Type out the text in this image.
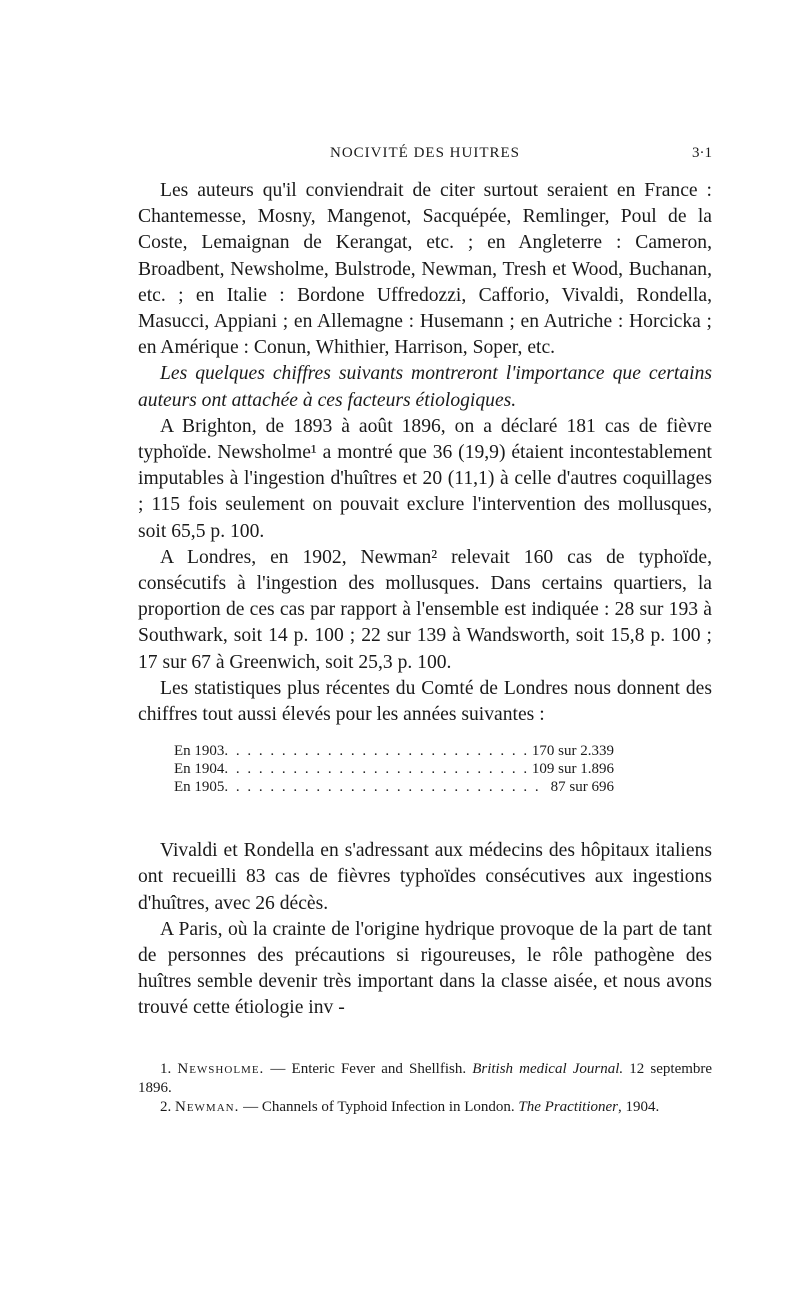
NOCIVITÉ DES HUITRES	3·1

Les auteurs qu'il conviendrait de citer surtout seraient en France : Chantemesse, Mosny, Mangenot, Sacquépée, Remlinger, Poul de la Coste, Lemaignan de Kerangat, etc. ; en Angleterre : Cameron, Broadbent, Newsholme, Bulstrode, Newman, Tresh et Wood, Buchanan, etc. ; en Italie : Bordone Uffredozzi, Cafforio, Vivaldi, Rondella, Masucci, Appiani ; en Allemagne : Husemann ; en Autriche : Horcicka ; en Amérique : Conun, Whithier, Harrison, Soper, etc.

Les quelques chiffres suivants montreront l'importance que certains auteurs ont attachée à ces facteurs étiologiques.

A Brighton, de 1893 à août 1896, on a déclaré 181 cas de fièvre typhoïde. Newsholme¹ a montré que 36 (19,9) étaient incontestablement imputables à l'ingestion d'huîtres et 20 (11,1) à celle d'autres coquillages ; 115 fois seulement on pouvait exclure l'intervention des mollusques, soit 65,5 p. 100.

A Londres, en 1902, Newman² relevait 160 cas de typhoïde, consécutifs à l'ingestion des mollusques. Dans certains quartiers, la proportion de ces cas par rapport à l'ensemble est indiquée : 28 sur 193 à Southwark, soit 14 p. 100 ; 22 sur 139 à Wandsworth, soit 15,8 p. 100 ; 17 sur 67 à Greenwich, soit 25,3 p. 100.

Les statistiques plus récentes du Comté de Londres nous donnent des chiffres tout aussi élevés pour les années suivantes :

En 1903 . . .	170 sur 2.339
En 1904 . . .	109 sur 1.896
En 1905 . . .	87 sur 696

Vivaldi et Rondella en s'adressant aux médecins des hôpitaux italiens ont recueilli 83 cas de fièvres typhoïdes consécutives aux ingestions d'huîtres, avec 26 décès.

A Paris, où la crainte de l'origine hydrique provoque de la part de tant de personnes des précautions si rigoureuses, le rôle pathogène des huîtres semble devenir très important dans la classe aisée, et nous avons trouvé cette étiologie inv -

1. Newsholme. — Enteric Fever and Shellfish. British medical Journal. 12 septembre 1896.

2. Newman. — Channels of Typhoid Infection in London. The Practitioner, 1904.
